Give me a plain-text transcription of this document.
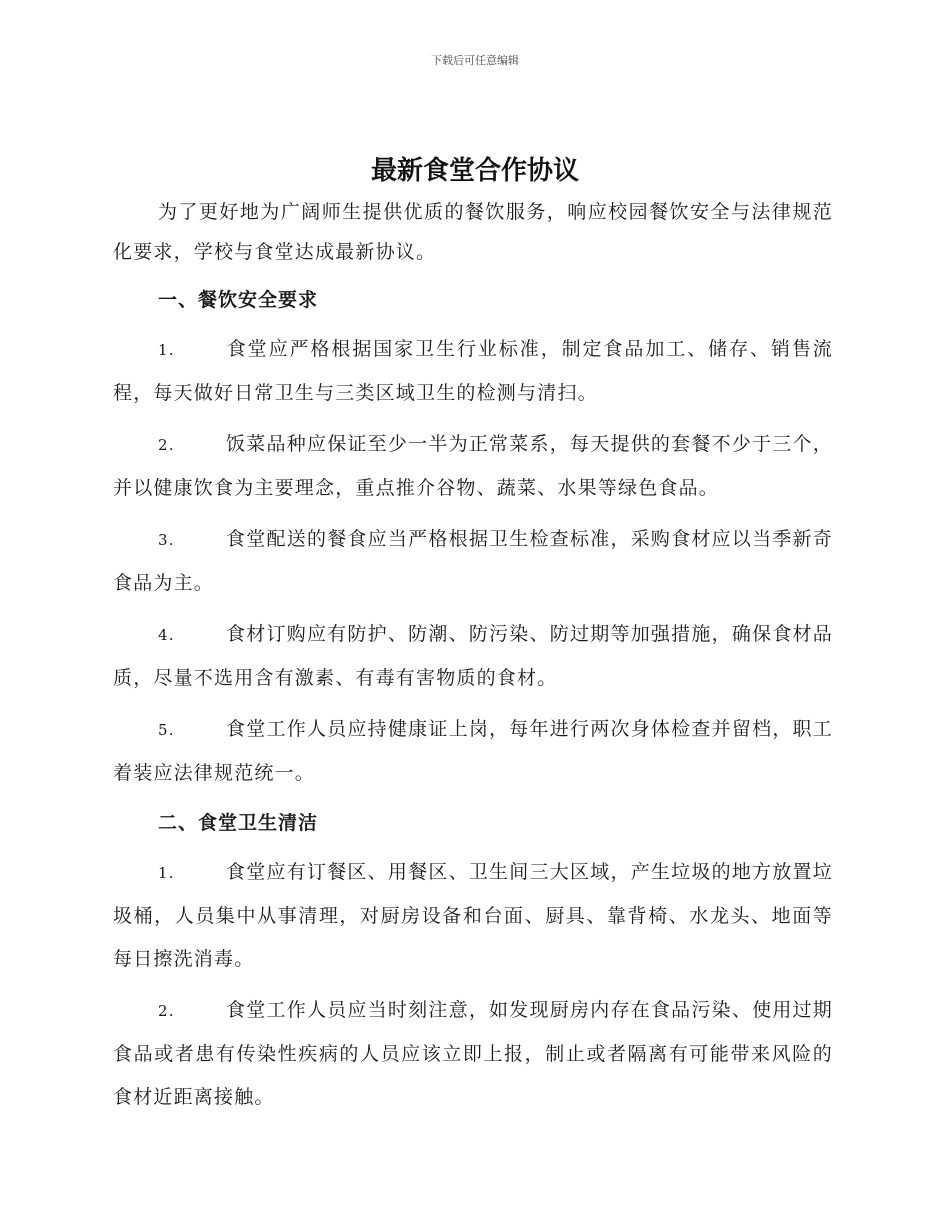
下载后可任意编辑
最新食堂合作协议

为了更好地为广阔师生提供优质的餐饮服务，响应校园餐饮安全与法律规范化要求，学校与食堂达成最新协议。

一、餐饮安全要求

1.	食堂应严格根据国家卫生行业标准，制定食品加工、储存、销售流程，每天做好日常卫生与三类区域卫生的检测与清扫。

2.	饭菜品种应保证至少一半为正常菜系，每天提供的套餐不少于三个，并以健康饮食为主要理念，重点推介谷物、蔬菜、水果等绿色食品。

3.	食堂配送的餐食应当严格根据卫生检查标准，采购食材应以当季新奇食品为主。

4.	食材订购应有防护、防潮、防污染、防过期等加强措施，确保食材品质，尽量不选用含有激素、有毒有害物质的食材。

5.	食堂工作人员应持健康证上岗，每年进行两次身体检查并留档，职工着装应法律规范统一。

二、食堂卫生清洁

1.	食堂应有订餐区、用餐区、卫生间三大区域，产生垃圾的地方放置垃圾桶，人员集中从事清理，对厨房设备和台面、厨具、靠背椅、水龙头、地面等每日擦洗消毒。

2.	食堂工作人员应当时刻注意，如发现厨房内存在食品污染、使用过期食品或者患有传染性疾病的人员应该立即上报，制止或者隔离有可能带来风险的食材近距离接触。
